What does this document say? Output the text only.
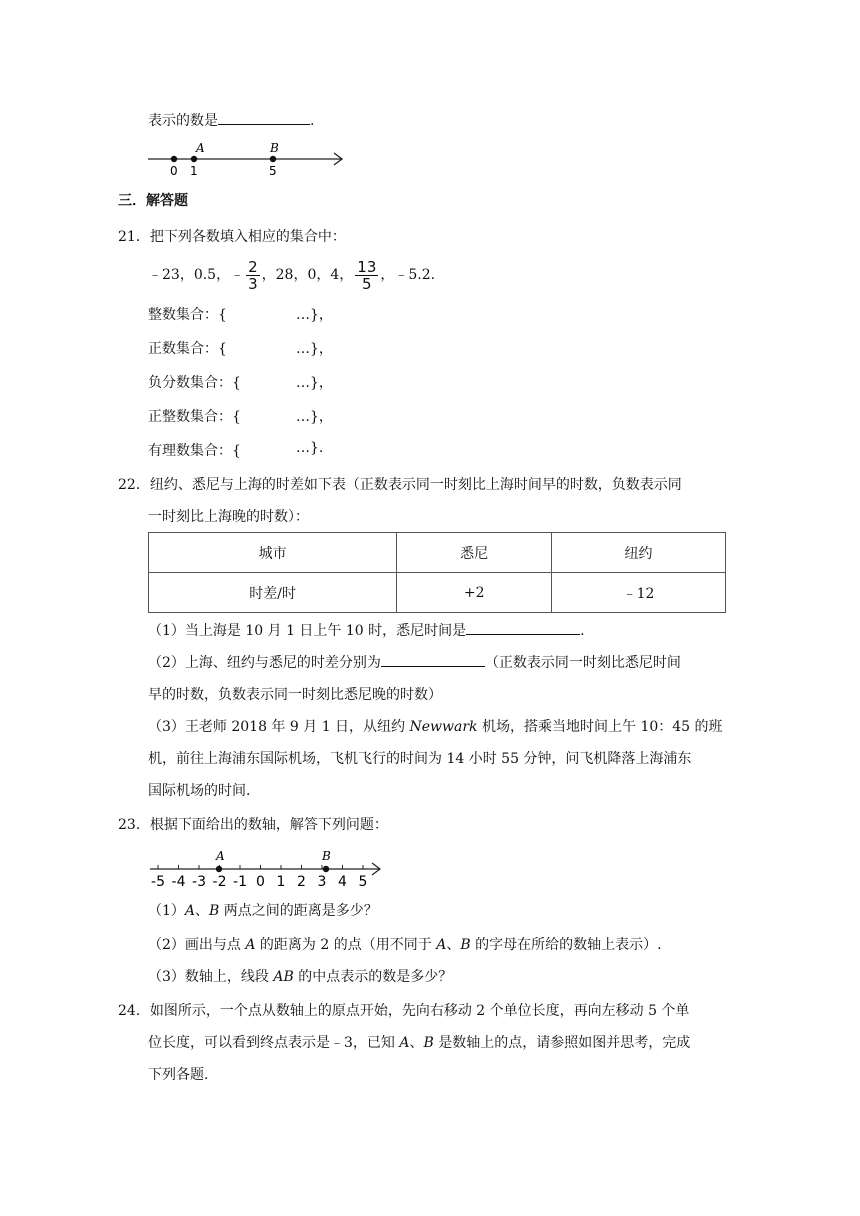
表示的数是	.
A	B
0 1	5
三．解答题
21．把下列各数填入相应的集合中：
﹣23，0.5，﹣ $\frac{2}{3}$ ，28，0，4， $\frac{13}{5}$ ，﹣5.2.
整数集合：{	…}，
正数集合：{	…}，
负分数集合：{	…}，
正整数集合：{	…}，
有理数集合：{	…}.
22．纽约、悉尼与上海的时差如下表（正数表示同一时刻比上海时间早的时数，负数表示同
一时刻比上海晚的时数）：
城市	悉尼	纽约
时差/时	+2	﹣12
（1）当上海是 10 月 1 日上午 10 时，悉尼时间是	.
（2）上海、纽约与悉尼的时差分别为	（正数表示同一时刻比悉尼时间
早的时数，负数表示同一时刻比悉尼晚的时数）
（3）王老师 2018 年 9 月 1 日，从纽约 Newwark 机场，搭乘当地时间上午 10：45 的班
机，前往上海浦东国际机场，飞机飞行的时间为 14 小时 55 分钟，问飞机降落上海浦东
国际机场的时间.
23．根据下面给出的数轴，解答下列问题：
-5 -4 -3 -2 -1 0 1 2 3 4 5
A	B
（1）A、B 两点之间的距离是多少？
（2）画出与点 A 的距离为 2 的点（用不同于 A、B 的字母在所给的数轴上表示）.
（3）数轴上，线段 AB 的中点表示的数是多少？
24．如图所示，一个点从数轴上的原点开始，先向右移动 2 个单位长度，再向左移动 5 个单
位长度，可以看到终点表示是﹣3，已知 A、B 是数轴上的点，请参照如图并思考，完成
下列各题.
